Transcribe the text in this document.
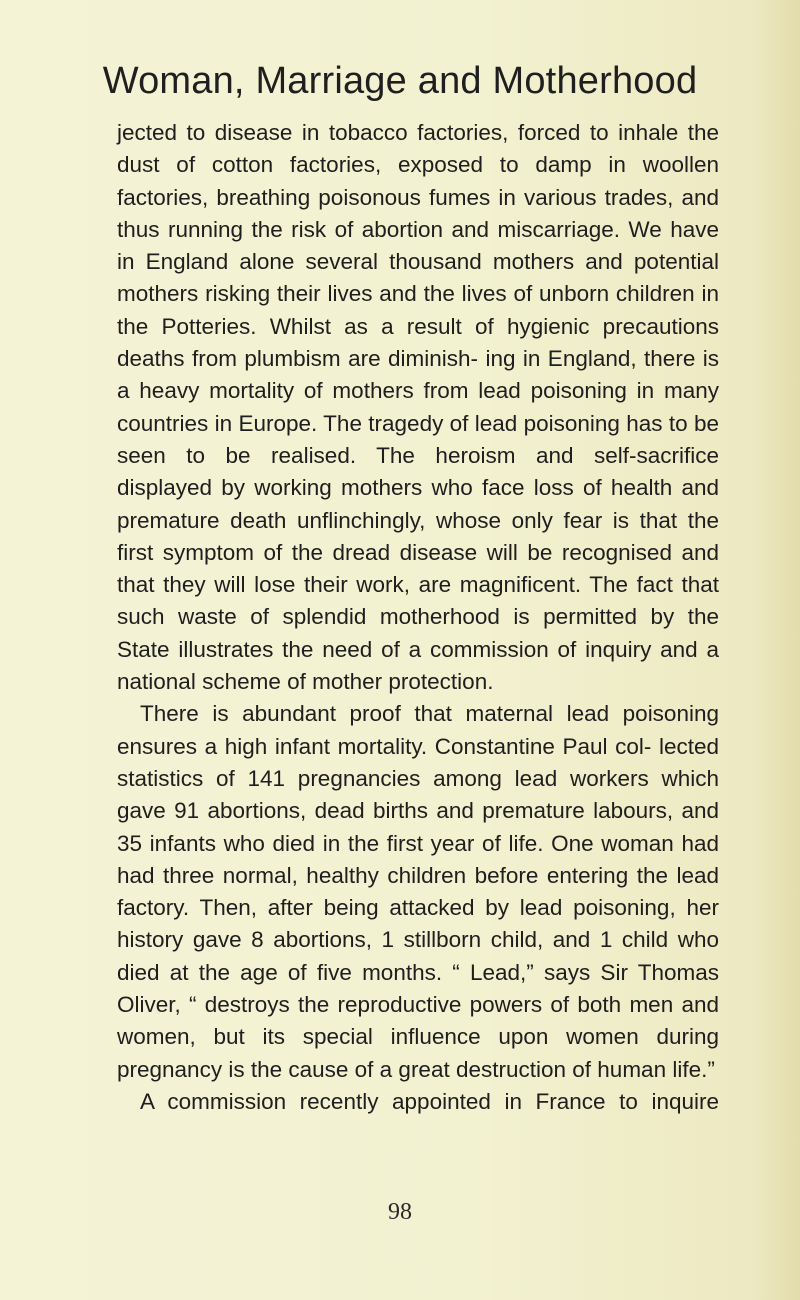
Woman, Marriage and Motherhood

jected to disease in tobacco factories, forced to inhale the dust of cotton factories, exposed to damp in woollen factories, breathing poisonous fumes in various trades, and thus running the risk of abortion and miscarriage. We have in England alone several thousand mothers and potential mothers risking their lives and the lives of unborn children in the Potteries. Whilst as a result of hygienic precautions deaths from plumbism are diminish- ing in England, there is a heavy mortality of mothers from lead poisoning in many countries in Europe. The tragedy of lead poisoning has to be seen to be realised. The heroism and self-sacrifice displayed by working mothers who face loss of health and premature death unflinchingly, whose only fear is that the first symptom of the dread disease will be recognised and that they will lose their work, are magnificent. The fact that such waste of splendid motherhood is permitted by the State illustrates the need of a commission of inquiry and a national scheme of mother protection.

There is abundant proof that maternal lead poisoning ensures a high infant mortality. Constantine Paul col- lected statistics of 141 pregnancies among lead workers which gave 91 abortions, dead births and premature labours, and 35 infants who died in the first year of life. One woman had had three normal, healthy children before entering the lead factory. Then, after being attacked by lead poisoning, her history gave 8 abortions, 1 stillborn child, and 1 child who died at the age of five months. “ Lead,” says Sir Thomas Oliver, “ destroys the reproductive powers of both men and women, but its special influence upon women during pregnancy is the cause of a great destruction of human life.”

A commission recently appointed in France to inquire

98
